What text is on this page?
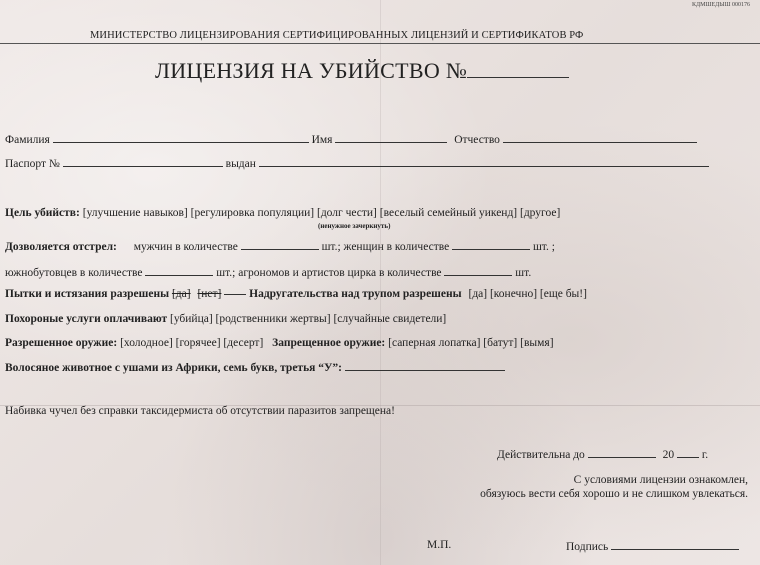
КДМШЕДЫШ 000176
МИНИСТЕРСТВО ЛИЦЕНЗИРОВАНИЯ СЕРТИФИЦИРОВАННЫХ ЛИЦЕНЗИЙ И СЕРТИФИКАТОВ РФ
ЛИЦЕНЗИЯ НА УБИЙСТВО №
Фамилия	Имя	Отчество
Паспорт №	выдан
Цель убийств: [улучшение навыков] [регулировка популяции] [долг чести] [веселый семейный уикенд] [другое]
(ненужное зачеркнуть)
Дозволяется отстрел: мужчин в количестве	шт.; женщин в количестве	шт. ;
южнобутовцев в количестве	шт.; агрономов и артистов цирка в количестве	шт.
Пытки и истязания разрешены [да] [нет] Надругательства над трупом разрешены [да] [конечно] [еще бы!]
Похороные услуги оплачивают [убийца] [родственники жертвы] [случайные свидетели]
Разрешенное оружие: [холодное] [горячее] [десерт] Запрещенное оружие: [саперная лопатка] [батут] [вымя]
Волосяное животное с ушами из Африки, семь букв, третья “У”:
Набивка чучел без справки таксидермиста об отсутствии паразитов запрещена!
Действительна до	20 г.
С условиями лицензии ознакомлен,
обязуюсь вести себя хорошо и не слишком увлекаться.
М.П.	Подпись
